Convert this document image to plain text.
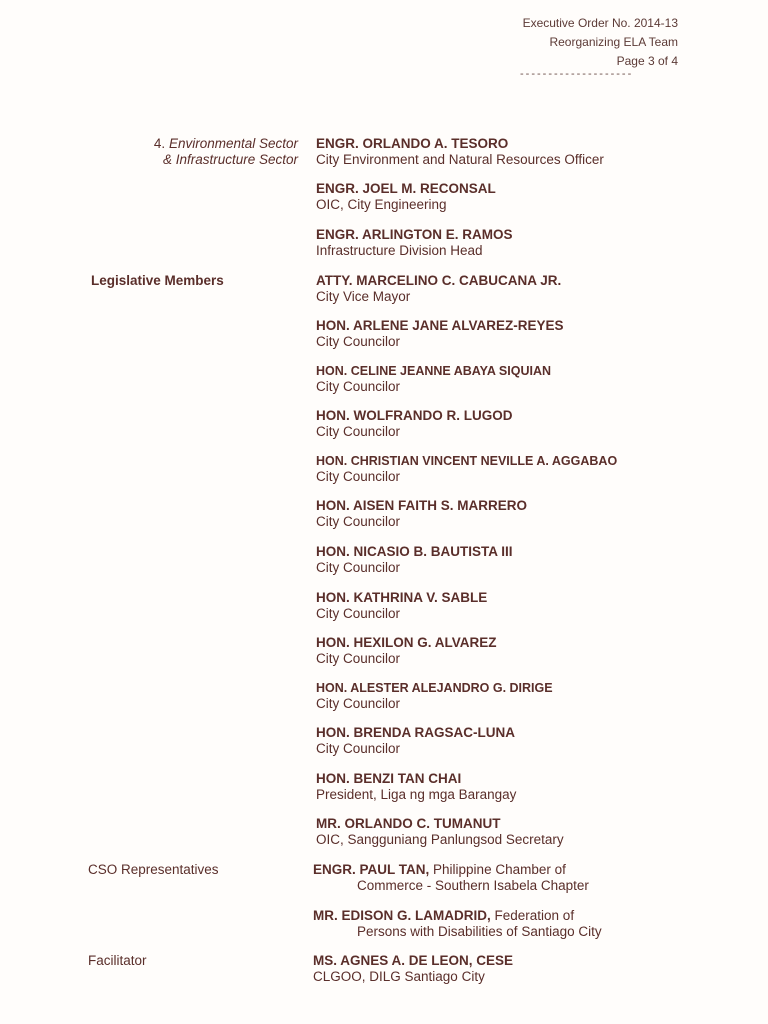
Executive Order No. 2014-13
Reorganizing ELA Team
Page 3 of 4
--------------------
4. Environmental Sector
& Infrastructure Sector
Legislative Members
CSO Representatives
Facilitator
ENGR. ORLANDO A. TESORO
City Environment and Natural Resources Officer
ENGR. JOEL M. RECONSAL
OIC, City Engineering
ENGR. ARLINGTON E. RAMOS
Infrastructure Division Head
ATTY. MARCELINO C. CABUCANA JR.
City Vice Mayor
HON. ARLENE JANE ALVAREZ-REYES
City Councilor
HON. CELINE JEANNE ABAYA SIQUIAN
City Councilor
HON. WOLFRANDO R. LUGOD
City Councilor
HON. CHRISTIAN VINCENT NEVILLE A. AGGABAO
City Councilor
HON. AISEN FAITH S. MARRERO
City Councilor
HON. NICASIO B. BAUTISTA III
City Councilor
HON. KATHRINA V. SABLE
City Councilor
HON. HEXILON G. ALVAREZ
City Councilor
HON. ALESTER ALEJANDRO G. DIRIGE
City Councilor
HON. BRENDA RAGSAC-LUNA
City Councilor
HON. BENZI TAN CHAI
President, Liga ng mga Barangay
MR. ORLANDO C. TUMANUT
OIC, Sangguniang Panlungsod Secretary
ENGR. PAUL TAN, Philippine Chamber of
Commerce - Southern Isabela Chapter
MR. EDISON G. LAMADRID, Federation of
Persons with Disabilities of Santiago City
MS. AGNES A. DE LEON, CESE
CLGOO, DILG Santiago City
